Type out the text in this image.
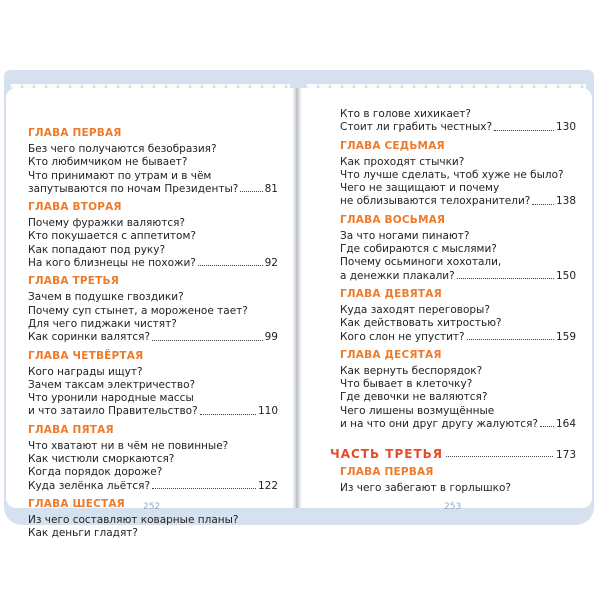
ГЛАВА ПЕРВАЯ
Без чего получаются безобразия?
Кто любимчиком не бывает?
Что принимают по утрам и в чём
запутываются по ночам Президенты?	81
ГЛАВА ВТОРАЯ
Почему фуражки валяются?
Кто покушается с аппетитом?
Как попадают под руку?
На кого близнецы не похожи?	92
ГЛАВА ТРЕТЬЯ
Зачем в подушке гвоздики?
Почему суп стынет, а мороженое тает?
Для чего пиджаки чистят?
Как соринки валятся?	99
ГЛАВА ЧЕТВЁРТАЯ
Кого награды ищут?
Зачем таксам электричество?
Что уронили народные массы
и что затаило Правительство?	110
ГЛАВА ПЯТАЯ
Что хватают ни в чём не повинные?
Как чистюли сморкаются?
Когда порядок дороже?
Куда зелёнка льётся?	122
ГЛАВА ШЕСТАЯ
Из чего составляют коварные планы?
Как деньги гладят?
Кто в голове хихикает?
Стоит ли грабить честных?	130
ГЛАВА СЕДЬМАЯ
Как проходят стычки?
Что лучше сделать, чтоб хуже не было?
Чего не защищают и почему
не облизываются телохранители? 138
ГЛАВА ВОСЬМАЯ
За что ногами пинают?
Где собираются с мыслями?
Почему осьминоги хохотали,
а денежки плакали?	150
ГЛАВА ДЕВЯТАЯ
Куда заходят переговоры?
Как действовать хитростью?
Кого слон не упустит?	159
ГЛАВА ДЕСЯТАЯ
Как вернуть беспорядок?
Что бывает в клеточку?
Где девочки не валяются?
Чего лишены возмущённые
и на что они друг другу жалуются? 164
ЧАСТЬ ТРЕТЬЯ	173
ГЛАВА ПЕРВАЯ
Из чего забегают в горлышко?
252	253
